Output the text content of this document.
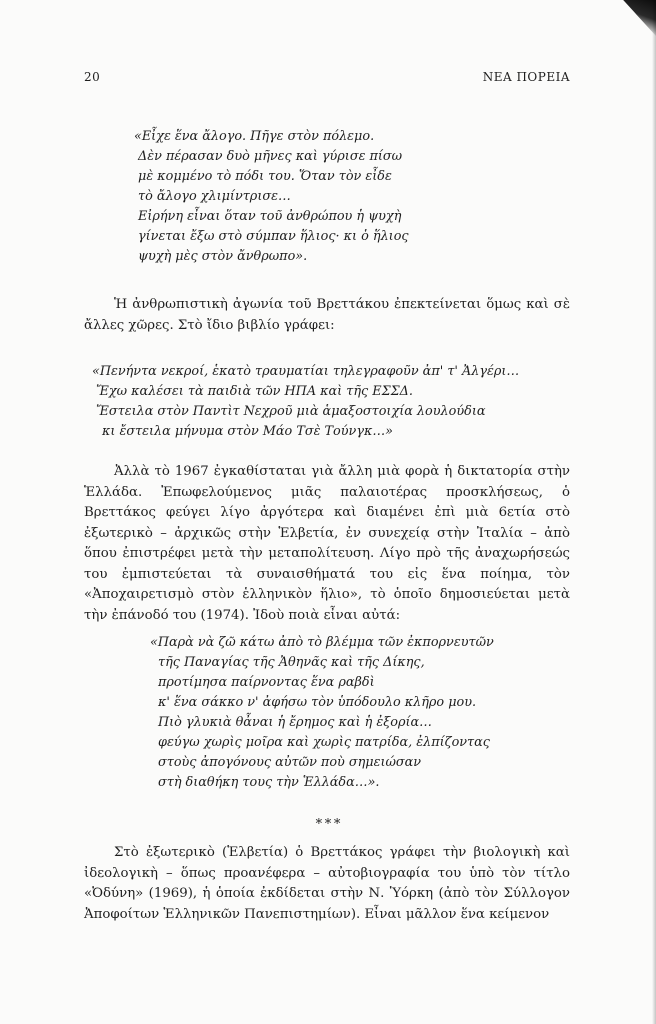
20	ΝΕΑ ΠΟΡΕΙΑ
«Εἶχε ἕνα ἄλογο. Πῆγε στὸν πόλεμο.
Δὲν πέρασαν δυὸ μῆνες καὶ γύρισε πίσω
μὲ κομμένο τὸ πόδι του. Ὅταν τὸν εἶδε
τὸ ἄλογο χλιμίντρισε…
Εἰρήνη εἶναι ὅταν τοῦ ἀνθρώπου ἡ ψυχὴ
γίνεται ἔξω στὸ σύμπαν ἥλιος· κι ὁ ἥλιος
ψυχὴ μὲς στὸν ἄνθρωπο».

Ἡ ἀνθρωπιστικὴ ἀγωνία τοῦ Βρεττάκου ἐπεκτείνεται ὅμως καὶ σὲ ἄλλες χῶρες. Στὸ ἴδιο βιβλίο γράφει:

«Πενήντα νεκροί, ἑκατὸ τραυματίαι τηλεγραφοῦν ἀπ' τ' Ἀλγέρι…
Ἔχω καλέσει τὰ παιδιὰ τῶν ΗΠΑ καὶ τῆς ΕΣΣΔ.
Ἔστειλα στὸν Παντὶτ Νεχροῦ μιὰ ἁμαξοστοιχία λουλούδια
κι ἔστειλα μήνυμα στὸν Μάο Τσὲ Τούνγκ…»

Ἀλλὰ τὸ 1967 ἐγκαθίσταται γιὰ ἄλλη μιὰ φορὰ ἡ δικτατορία στὴν Ἑλλάδα. Ἐπωφελούμενος μιᾶς παλαιοτέρας προσκλήσεως, ὁ Βρεττάκος φεύγει λίγο ἀργότερα καὶ διαμένει ἐπὶ μιὰ 6ετία στὸ ἐξωτερικὸ – ἀρχικῶς στὴν Ἑλβετία, ἐν συνεχείᾳ στὴν Ἰταλία – ἀπὸ ὅπου ἐπιστρέφει μετὰ τὴν μεταπολίτευση. Λίγο πρὸ τῆς ἀναχωρήσεώς του ἐμπιστεύεται τὰ συναισθήματά του εἰς ἕνα ποίημα, τὸν «Ἀποχαιρετισμὸ στὸν ἑλληνικὸν ἥλιο», τὸ ὁποῖο δημοσιεύεται μετὰ τὴν ἐπάνοδό του (1974). Ἰδοὺ ποιὰ εἶναι αὐτά:

«Παρὰ νὰ ζῶ κάτω ἀπὸ τὸ βλέμμα τῶν ἐκπορνευτῶν
τῆς Παναγίας τῆς Ἀθηνᾶς καὶ τῆς Δίκης,
προτίμησα παίρνοντας ἕνα ραβδὶ
κ' ἕνα σάκκο ν' ἀφήσω τὸν ὑπόδουλο κλῆρο μου.
Πιὸ γλυκιὰ θἆναι ἡ ἔρημος καὶ ἡ ἐξορία…
φεύγω χωρὶς μοῖρα καὶ χωρὶς πατρίδα, ἐλπίζοντας
στοὺς ἀπογόνους αὐτῶν ποὺ σημειώσαν
στὴ διαθήκη τους τὴν Ἑλλάδα…».
* * *

Στὸ ἐξωτερικὸ (Ἑλβετία) ὁ Βρεττάκος γράφει τὴν βιολογικὴ καὶ ἰδεολογικὴ – ὅπως προανέφερα – αὐτοβιογραφία του ὑπὸ τὸν τίτλο «Ὀδύνη» (1969), ἡ ὁποία ἐκδίδεται στὴν Ν. Ὑόρκη (ἀπὸ τὸν Σύλλογον Ἀποφοίτων Ἑλληνικῶν Πανεπιστημίων). Εἶναι μᾶλλον ἕνα κείμενον
